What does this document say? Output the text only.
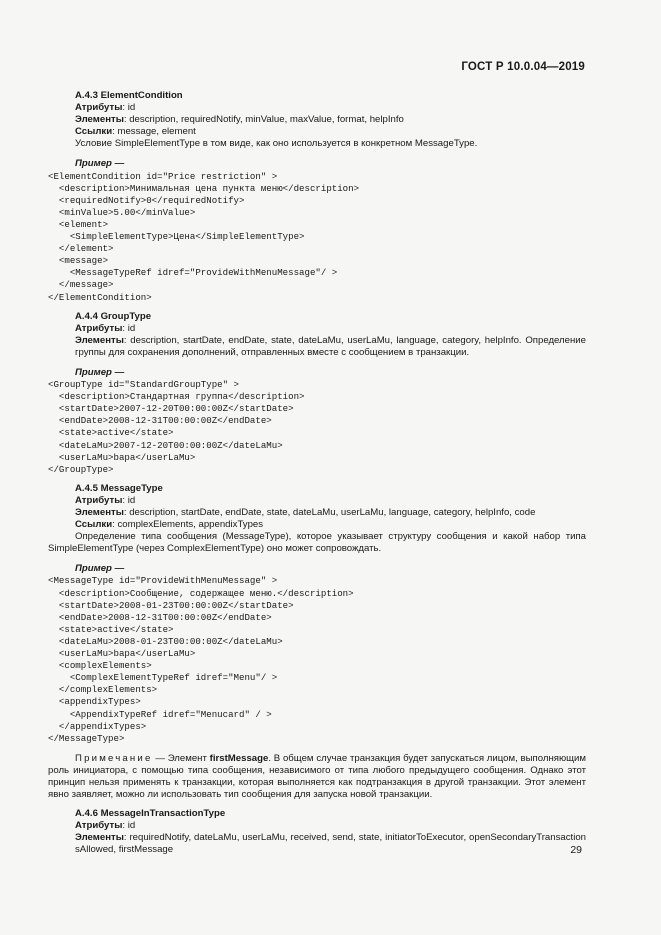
ГОСТ Р 10.0.04—2019
A.4.3 ElementCondition
Атрибуты: id
Элементы: description, requiredNotify, minValue, maxValue, format, helpInfo
Ссылки: message, element
Условие SimpleElementType в том виде, как оно используется в конкретном MessageType.
Пример —
<ElementCondition id="Price restriction" >
<description>Минимальная цена пункта меню</description>
<requiredNotify>0</requiredNotify>
<minValue>5.00</minValue>
<element>
<SimpleElementType>Цена</SimpleElementType>
</element>
<message>
<MessageTypeRef idref="ProvideWithMenuMessage"/ >
</message>
</ElementCondition>
A.4.4 GroupType
Атрибуты: id
Элементы: description, startDate, endDate, state, dateLaMu, userLaMu, language, category, helpInfo. Определение группы для сохранения дополнений, отправленных вместе с сообщением в транзакции.
Пример —
<GroupType id="StandardGroupType" >
<description>Стандартная группа</description>
<startDate>2007-12-20T00:00:00Z</startDate>
<endDate>2008-12-31T00:00:00Z</endDate>
<state>active</state>
<dateLaMu>2007-12-20T00:00:00Z</dateLaMu>
<userLaMu>bapa</userLaMu>
</GroupType>
A.4.5 MessageType
Атрибуты: id
Элементы: description, startDate, endDate, state, dateLaMu, userLaMu, language, category, helpInfo, code
Ссылки: complexElements, appendixTypes
Определение типа сообщения (MessageType), которое указывает структуру сообщения и какой набор типа SimpleElementType (через ComplexElementType) оно может сопровождать.
Пример —
<MessageType id="ProvideWithMenuMessage" >
<description>Сообщение, содержащее меню.</description>
<startDate>2008-01-23T00:00:00Z</startDate>
<endDate>2008-12-31T00:00:00Z</endDate>
<state>active</state>
<dateLaMu>2008-01-23T00:00:00Z</dateLaMu>
<userLaMu>bapa</userLaMu>
<complexElements>
<ComplexElementTypeRef idref="Menu"/ >
</complexElements>
<appendixTypes>
<AppendixTypeRef idref="Menucard" / >
</appendixTypes>
</MessageType>
Примечание — Элемент firstMessage. В общем случае транзакция будет запускаться лицом, выполняющим роль инициатора, с помощью типа сообщения, независимого от типа любого предыдущего сообщения. Однако этот принцип нельзя применять к транзакции, которая выполняется как подтранзакция в другой транзакции. Этот элемент явно заявляет, можно ли использовать тип сообщения для запуска новой транзакции.
A.4.6 MessageInTransactionType
Атрибуты: id
Элементы: requiredNotify, dateLaMu, userLaMu, received, send, state, initiatorToExecutor, openSecondaryTransactionsAllowed, firstMessage	29
